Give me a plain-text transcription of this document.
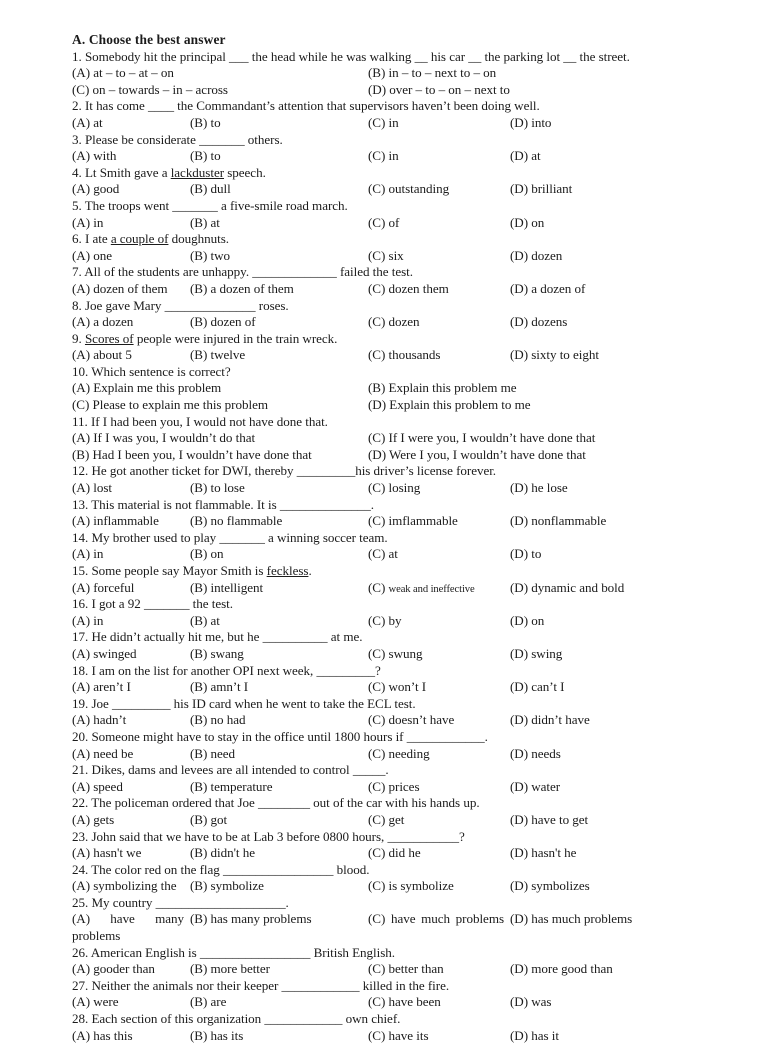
A. Choose the best answer
1. Somebody hit the principal ___ the head while he was walking __ his car __ the parking lot __ the street.
(A) at – to – at – on	(B) in – to – next to – on
(C) on – towards – in – across	(D) over – to – on – next to
2. It has come ____ the Commandant’s attention that supervisors haven’t been doing well.
(A) at	(B) to	(C) in	(D) into
3. Please be considerate _______ others.
(A) with	(B) to	(C) in	(D) at
4. Lt Smith gave a lackduster speech.
(A) good	(B) dull	(C) outstanding	(D) brilliant
5. The troops went _______ a five-smile road march.
(A) in	(B) at	(C) of	(D) on
6. I ate a couple of doughnuts.
(A) one	(B) two	(C) six	(D) dozen
7. All of the students are unhappy. _____________ failed the test.
(A) dozen of them (B) a dozen of them	(C) dozen them	(D) a dozen of
8. Joe gave Mary ______________ roses.
(A) a dozen	(B) dozen of	(C) dozen	(D) dozens
9. Scores of people were injured in the train wreck.
(A) about 5	(B) twelve	(C) thousands	(D) sixty to eight
10. Which sentence is correct?
(A) Explain me this problem	(B) Explain this problem me
(C) Please to explain me this problem	(D) Explain this problem to me
11. If I had been you, I would not have done that.
(A) If I was you, I wouldn’t do that	(C) If I were you, I wouldn’t have done that
(B) Had I been you, I wouldn’t have done that	(D) Were I you, I wouldn’t have done that
12. He got another ticket for DWI, thereby _________his driver’s license forever.
(A) lost	(B) to lose	(C) losing	(D) he lose
13. This material is not flammable. It is ______________.
(A) inflammable (B) no flammable	(C) imflammable	(D) nonflammable
14. My brother used to play _______ a winning soccer team.
(A) in	(B) on	(C) at	(D) to
15. Some people say Mayor Smith is feckless.
(A) forceful	(B) intelligent	(C) weak and ineffective	(D) dynamic and bold
16. I got a 92 _______ the test.
(A) in	(B) at	(C) by	(D) on
17. He didn’t actually hit me, but he __________ at me.
(A) swinged	(B) swang	(C) swung	(D) swing
18. I am on the list for another OPI next week, _________?
(A) aren’t I	(B) amn’t I	(C) won’t I	(D) can’t I
19. Joe _________ his ID card when he went to take the ECL test.
(A) hadn’t	(B) no had	(C) doesn’t have	(D) didn’t have
20. Someone might have to stay in the office until 1800 hours if ____________.
(A) need be	(B) need	(C) needing	(D) needs
21. Dikes, dams and levees are all intended to control _____.
(A) speed	(B) temperature	(C) prices	(D) water
22. The policeman ordered that Joe ________ out of the car with his hands up.
(A) gets	(B) got	(C) get	(D) have to get
23. John said that we have to be at Lab 3 before 0800 hours, ___________?
(A) hasn't we	(B) didn't he	(C) did he	(D) hasn't he
24. The color red on the flag _________________ blood.
(A) symbolizing the (B) symbolize	(C) is symbolize	(D) symbolizes
25. My country ____________________.
(A) have many problems
(B) has many problems	(C) have much problems (D) has much problems
26. American English is _________________ British English.
(A) gooder than	(B) more better	(C) better than	(D) more good than
27. Neither the animals nor their keeper ____________ killed in the fire.
(A) were	(B) are	(C) have been	(D) was
28. Each section of this organization ____________ own chief.
(A) has this	(B) has its	(C) have its	(D) has it
